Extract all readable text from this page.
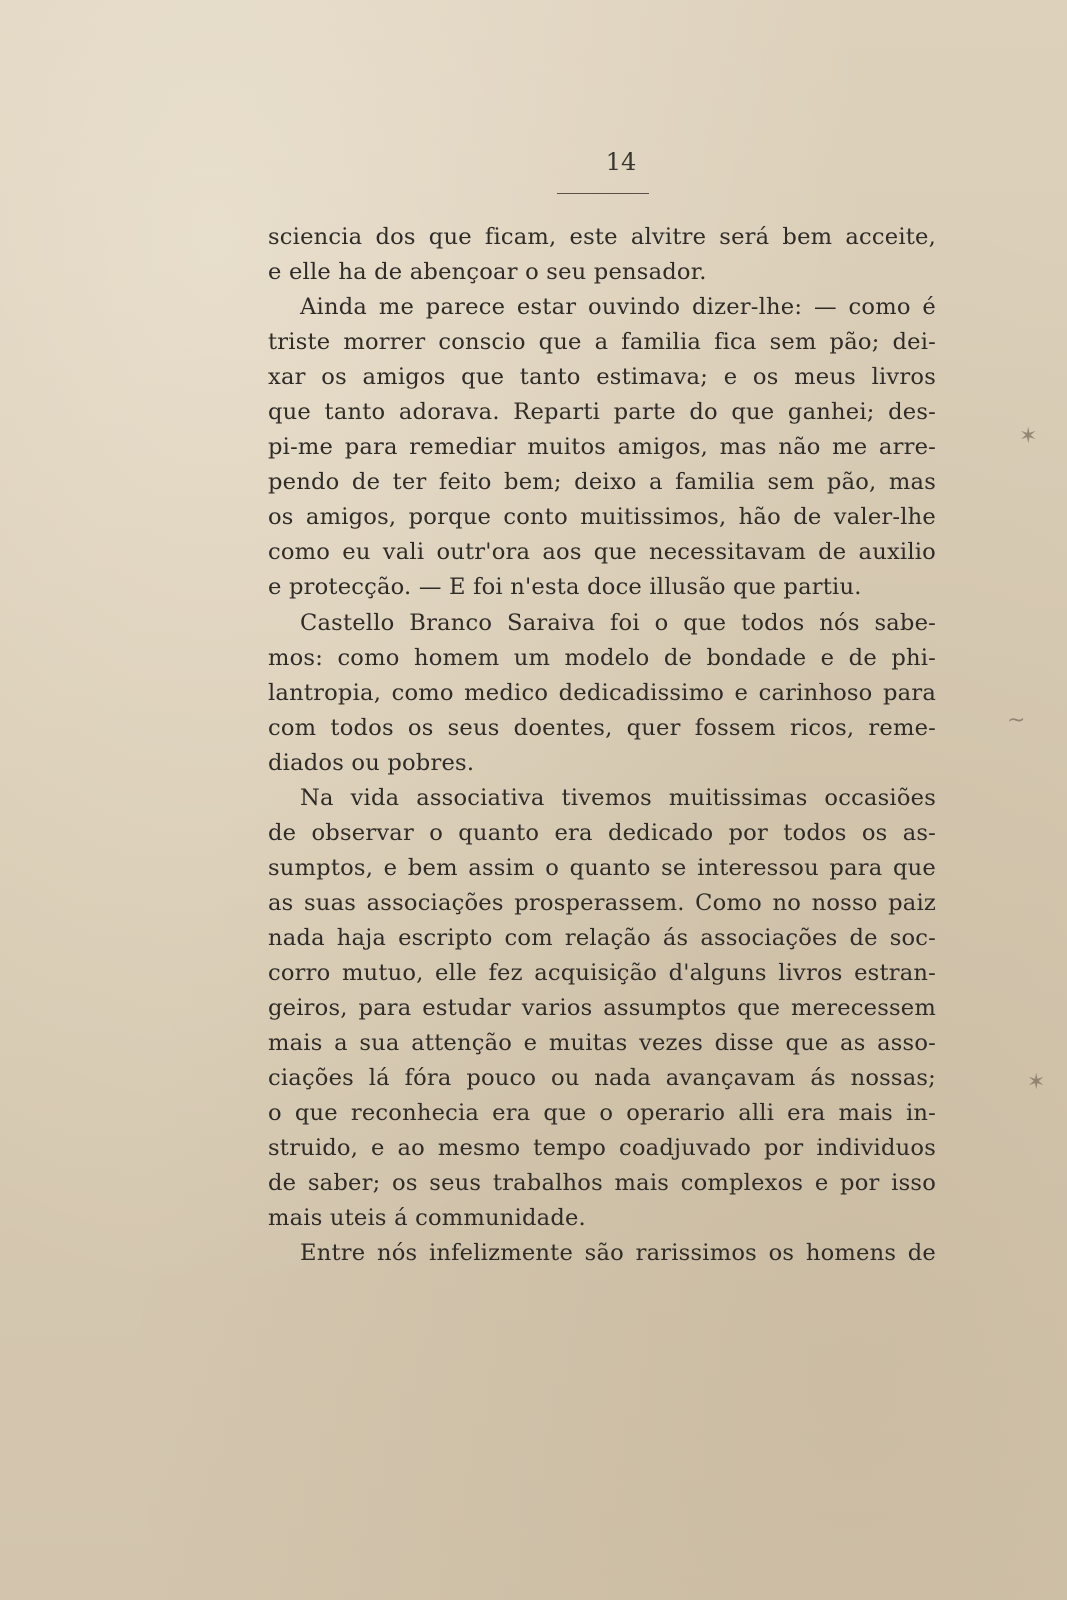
14
sciencia dos que ficam, este alvitre será bem acceite,
e elle ha de abençoar o seu pensador.
Ainda me parece estar ouvindo dizer-lhe: — como é
triste morrer conscio que a familia fica sem pão; dei-
xar os amigos que tanto estimava; e os meus livros
que tanto adorava. Reparti parte do que ganhei; des-
pi-me para remediar muitos amigos, mas não me arre-
pendo de ter feito bem; deixo a familia sem pão, mas
os amigos, porque conto muitissimos, hão de valer-lhe
como eu vali outr'ora aos que necessitavam de auxilio
e protecção. — E foi n'esta doce illusão que partiu.
Castello Branco Saraiva foi o que todos nós sabe-
mos: como homem um modelo de bondade e de phi-
lantropia, como medico dedicadissimo e carinhoso para
com todos os seus doentes, quer fossem ricos, reme-
diados ou pobres.
Na vida associativa tivemos muitissimas occasiões
de observar o quanto era dedicado por todos os as-
sumptos, e bem assim o quanto se interessou para que
as suas associações prosperassem. Como no nosso paiz
nada haja escripto com relação ás associações de soc-
corro mutuo, elle fez acquisição d'alguns livros estran-
geiros, para estudar varios assumptos que merecessem
mais a sua attenção e muitas vezes disse que as asso-
ciações lá fóra pouco ou nada avançavam ás nossas;
o que reconhecia era que o operario alli era mais in-
struido, e ao mesmo tempo coadjuvado por individuos
de saber; os seus trabalhos mais complexos e por isso
mais uteis á communidade.
Entre nós infelizmente são rarissimos os homens de
✶
~
✶
